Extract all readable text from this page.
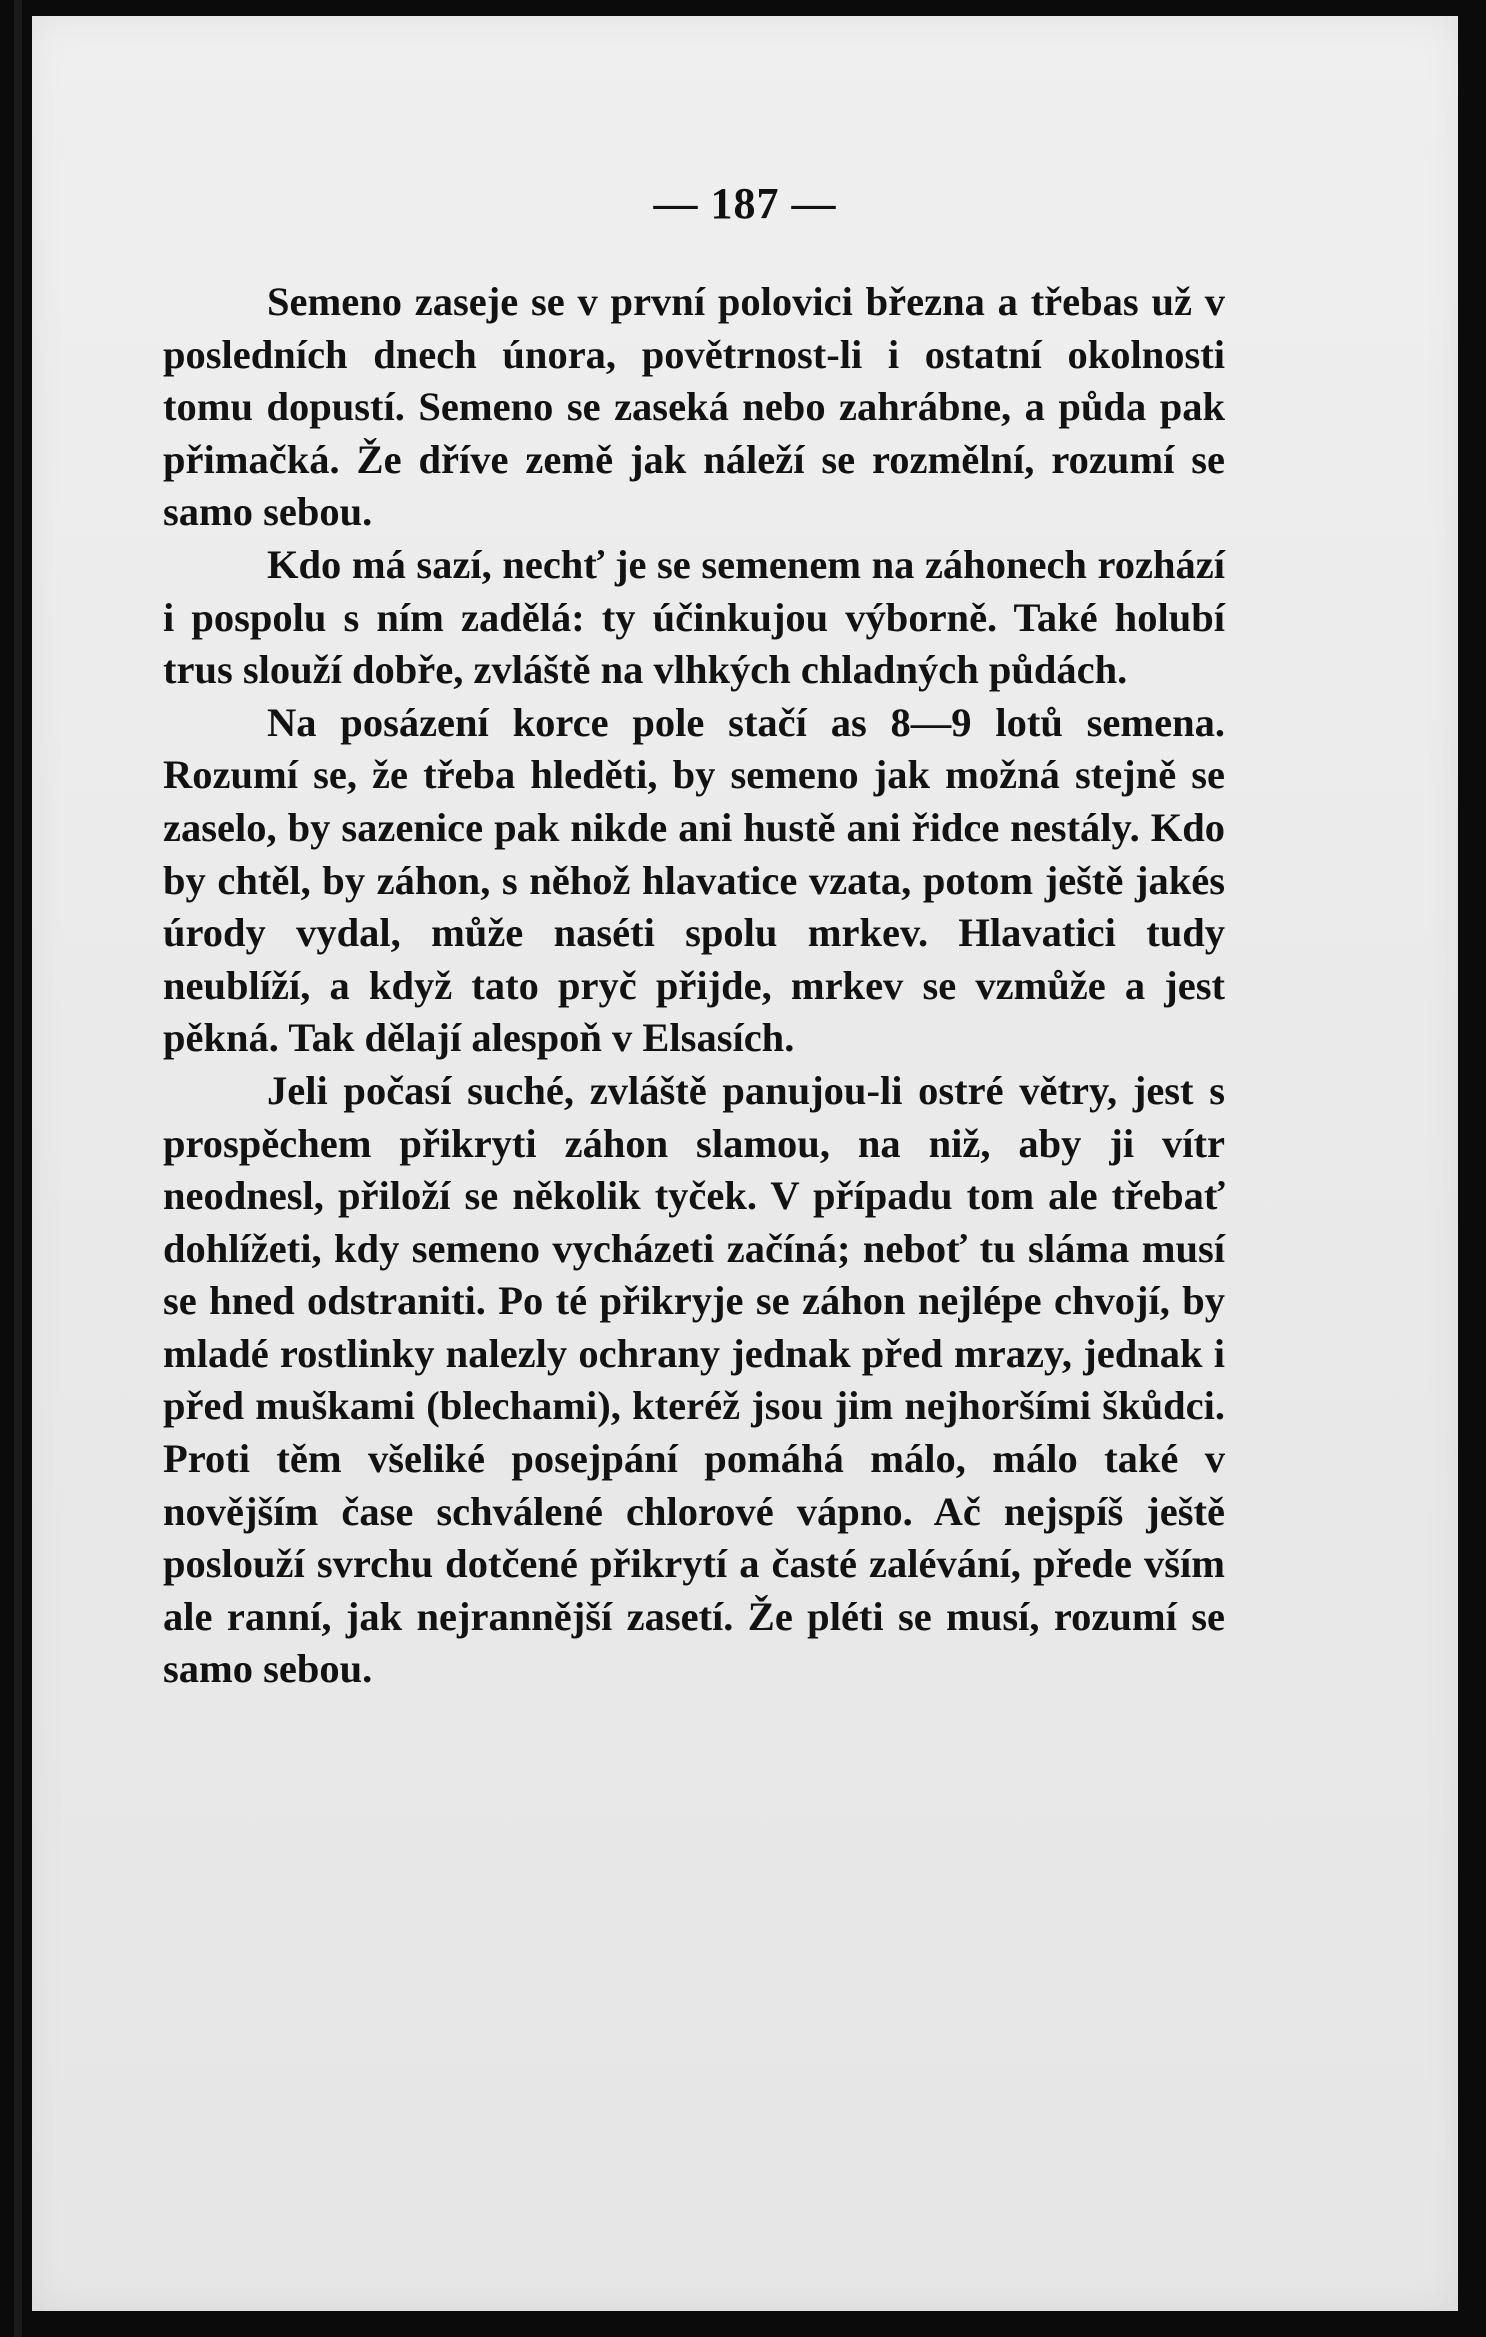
— 187 —

Semeno zaseje se v první polovici března a třebas už v posledních dnech února, povětrnost-li i ostatní okolnosti tomu dopustí. Semeno se zaseká nebo zahrábne, a půda pak přimačká. Že dříve země jak náleží se rozmělní, rozumí se samo sebou.

Kdo má sazí, nechť je se semenem na záhonech rozhází i pospolu s ním zadělá: ty účinkujou výborně. Také holubí trus slouží dobře, zvláště na vlhkých chladných půdách.

Na posázení korce pole stačí as 8—9 lotů semena. Rozumí se, že třeba hleděti, by semeno jak možná stejně se zaselo, by sazenice pak nikde ani hustě ani řidce nestály. Kdo by chtěl, by záhon, s něhož hlavatice vzata, potom ještě jakés úrody vydal, může naséti spolu mrkev. Hlavatici tudy neublíží, a když tato pryč přijde, mrkev se vzmůže a jest pěkná. Tak dělají alespoň v Elsasích.

Jeli počasí suché, zvláště panujou-li ostré větry, jest s prospěchem přikryti záhon slamou, na niž, aby ji vítr neodnesl, přiloží se několik tyček. V případu tom ale třebať dohlížeti, kdy semeno vycházeti začíná; neboť tu sláma musí se hned odstraniti. Po té přikryje se záhon nejlépe chvojí, by mladé rostlinky nalezly ochrany jednak před mrazy, jednak i před muškami (blechami), kteréž jsou jim nejhoršími škůdci. Proti těm všeliké posejpání pomáhá málo, málo také v novějším čase schválené chlorové vápno. Ač nejspíš ještě poslouží svrchu dotčené přikrytí a časté zalévání, přede vším ale ranní, jak nejrannější zasetí. Že pléti se musí, rozumí se samo sebou.
